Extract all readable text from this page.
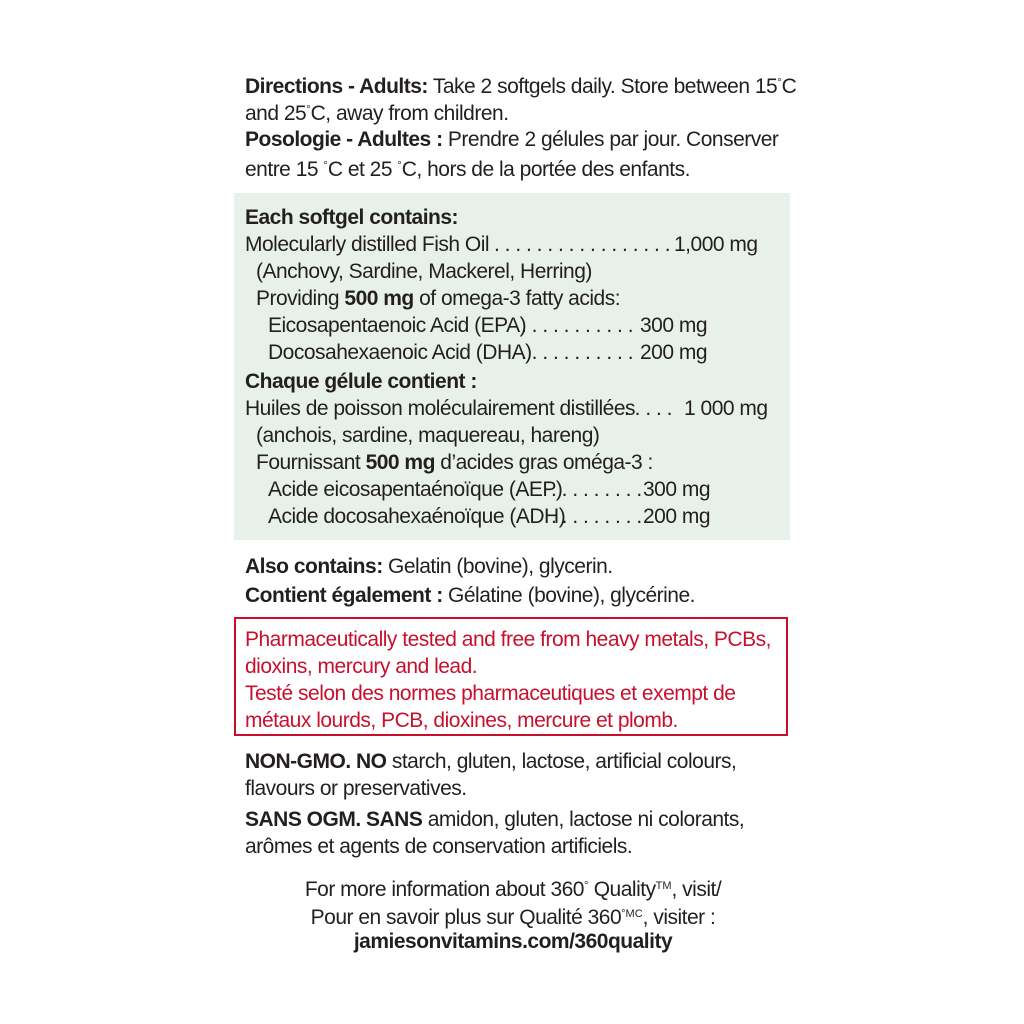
Directions - Adults: Take 2 softgels daily. Store between 15°C
and 25°C, away from children.
Posologie - Adultes : Prendre 2 gélules par jour. Conserver
entre 15 °C et 25 °C, hors de la portée des enfants.
Each softgel contains:
Molecularly distilled Fish Oil . . . . . . . . . . . . . . . . . 1,000 mg
(Anchovy, Sardine, Mackerel, Herring)
Providing 500 mg of omega-3 fatty acids:
Eicosapentaenoic Acid (EPA)
. . . . . . . . . . . 300 mg
Docosahexaenoic Acid (DHA)
. . . . . . . . . . . 200 mg
Chaque gélule contient :
Huiles de poisson moléculairement distillées
. . . . . 1 000 mg
(anchois, sardine, maquereau, hareng)
Fournissant 500 mg d’acides gras oméga-3 :
Acide eicosapentaénoïque (AEP)
. . . . . . . . . 300 mg
Acide docosahexaénoïque (ADH)
. . . . . . . . . 200 mg
Also contains: Gelatin (bovine), glycerin.
Contient également : Gélatine (bovine), glycérine.
Pharmaceutically tested and free from heavy metals, PCBs,
dioxins, mercury and lead.
Testé selon des normes pharmaceutiques et exempt de
métaux lourds, PCB, dioxines, mercure et plomb.
NON-GMO. NO starch, gluten, lactose, artificial colours,
flavours or preservatives.
SANS OGM. SANS amidon, gluten, lactose ni colorants,
arômes et agents de conservation artificiels.
For more information about 360° Quality™, visit/
Pour en savoir plus sur Qualité $360^{^\circ MC}$, visiter :
jamiesonvitamins.com/360quality
